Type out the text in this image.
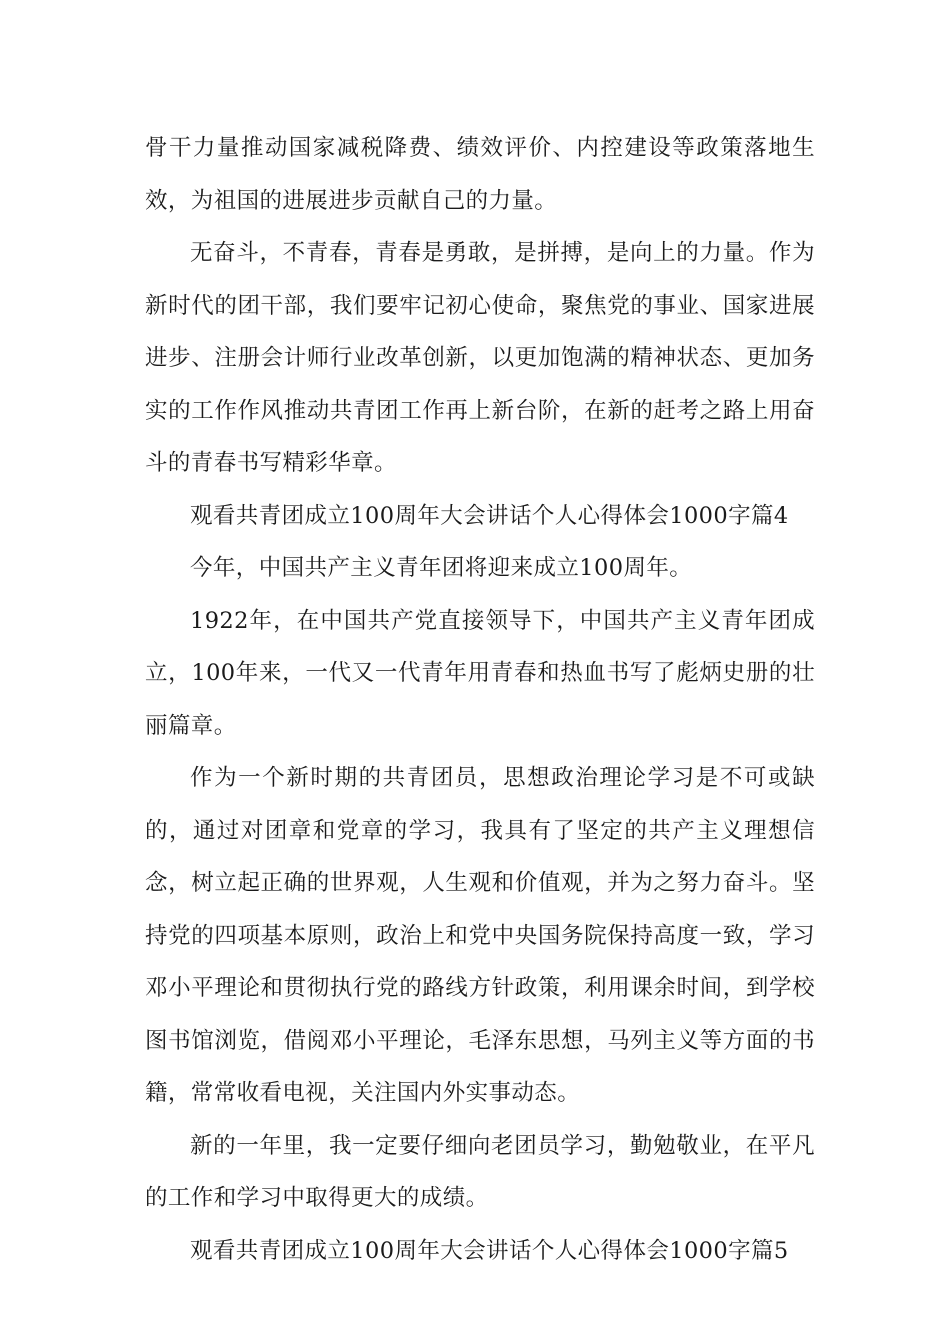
骨干力量推动国家减税降费、绩效评价、内控建设等政策落地生效，为祖国的进展进步贡献自己的力量。

无奋斗，不青春，青春是勇敢，是拼搏，是向上的力量。作为新时代的团干部，我们要牢记初心使命，聚焦党的事业、国家进展进步、注册会计师行业改革创新，以更加饱满的精神状态、更加务实的工作作风推动共青团工作再上新台阶，在新的赶考之路上用奋斗的青春书写精彩华章。

观看共青团成立100周年大会讲话个人心得体会1000字篇4

今年，中国共产主义青年团将迎来成立100周年。

1922年，在中国共产党直接领导下，中国共产主义青年团成立，100年来，一代又一代青年用青春和热血书写了彪炳史册的壮丽篇章。

作为一个新时期的共青团员，思想政治理论学习是不可或缺的，通过对团章和党章的学习，我具有了坚定的共产主义理想信念，树立起正确的世界观，人生观和价值观，并为之努力奋斗。坚持党的四项基本原则，政治上和党中央国务院保持高度一致，学习邓小平理论和贯彻执行党的路线方针政策，利用课余时间，到学校图书馆浏览，借阅邓小平理论，毛泽东思想，马列主义等方面的书籍，常常收看电视，关注国内外实事动态。

新的一年里，我一定要仔细向老团员学习，勤勉敬业，在平凡的工作和学习中取得更大的成绩。

观看共青团成立100周年大会讲话个人心得体会1000字篇5
